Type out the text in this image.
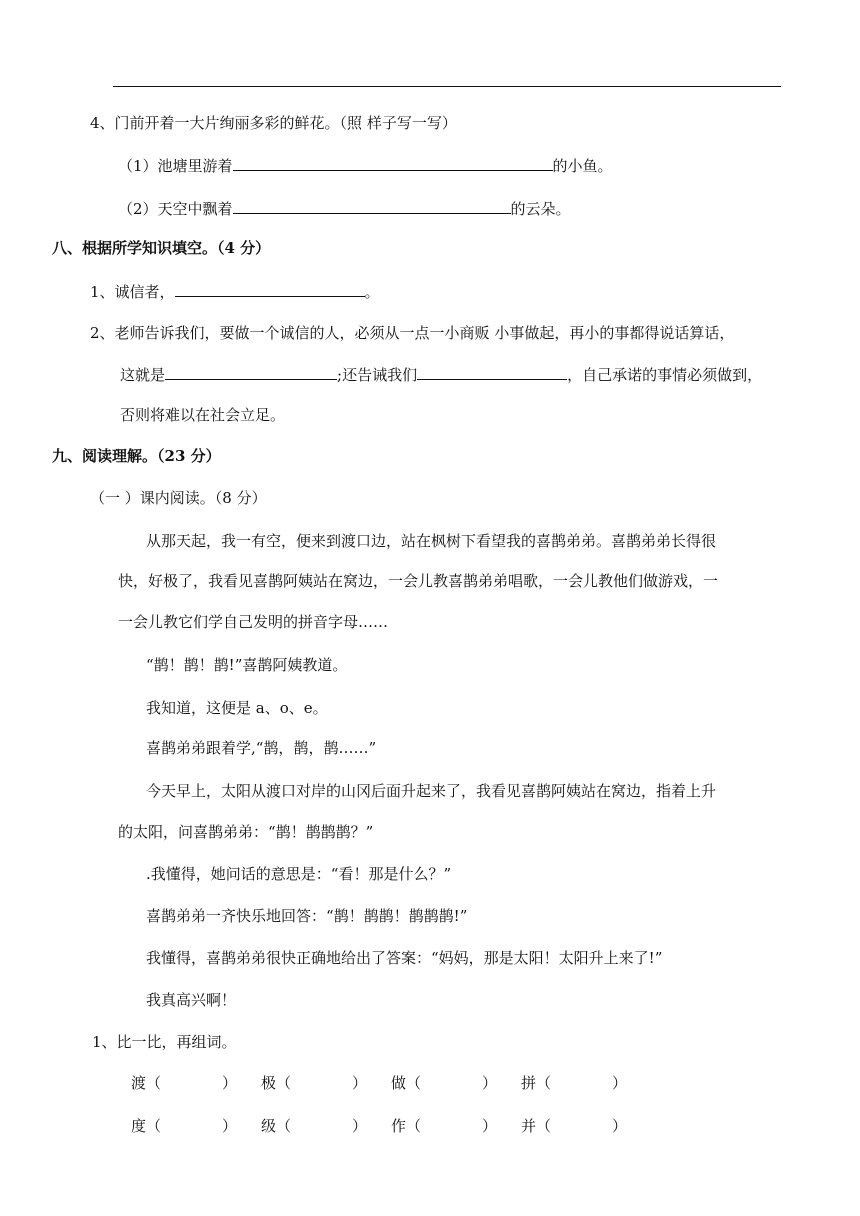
4、门前开着一大片绚丽多彩的鲜花。（照 样子写一写）
（1）池塘里游着	的小鱼。
（2）天空中飘着	的云朵。
八、根据所学知识填空。（4 分）
1、诚信者，	。
2、老师告诉我们，要做一个诚信的人，必须从一点一小商贩 小事做起，再小的事都得说话算话，
这就是	;还告诫我们	，自己承诺的事情必须做到，
否则将难以在社会立足。
九、阅读理解。（23 分）
（一 ）课内阅读。（8 分）
从那天起，我一有空，便来到渡口边，站在枫树下看望我的喜鹊弟弟。喜鹊弟弟长得很
快，好极了，我看见喜鹊阿姨站在窝边，一会儿教喜鹊弟弟唱歌，一会儿教他们做游戏，一
一会儿教它们学自己发明的拼音字母……
“鹊！鹊！鹊!”喜鹊阿姨教道。
我知道，这便是 a、o、e。
喜鹊弟弟跟着学,“鹊，鹊，鹊……”
今天早上，太阳从渡口对岸的山冈后面升起来了，我看见喜鹊阿姨站在窝边，指着上升
的太阳，问喜鹊弟弟：“鹊！鹊鹊鹊？”
.我懂得，她问话的意思是：“看！那是什么？”
喜鹊弟弟一齐快乐地回答：“鹊！鹊鹊！鹊鹊鹊!”
我懂得，喜鹊弟弟很快正确地给出了答案：“妈妈，那是太阳！太阳升上来了!”
我真高兴啊！
1、比一比，再组词。
渡（	） 极（	） 做（	） 拼（	）
度（	） 级（	） 作（	） 并（	）
